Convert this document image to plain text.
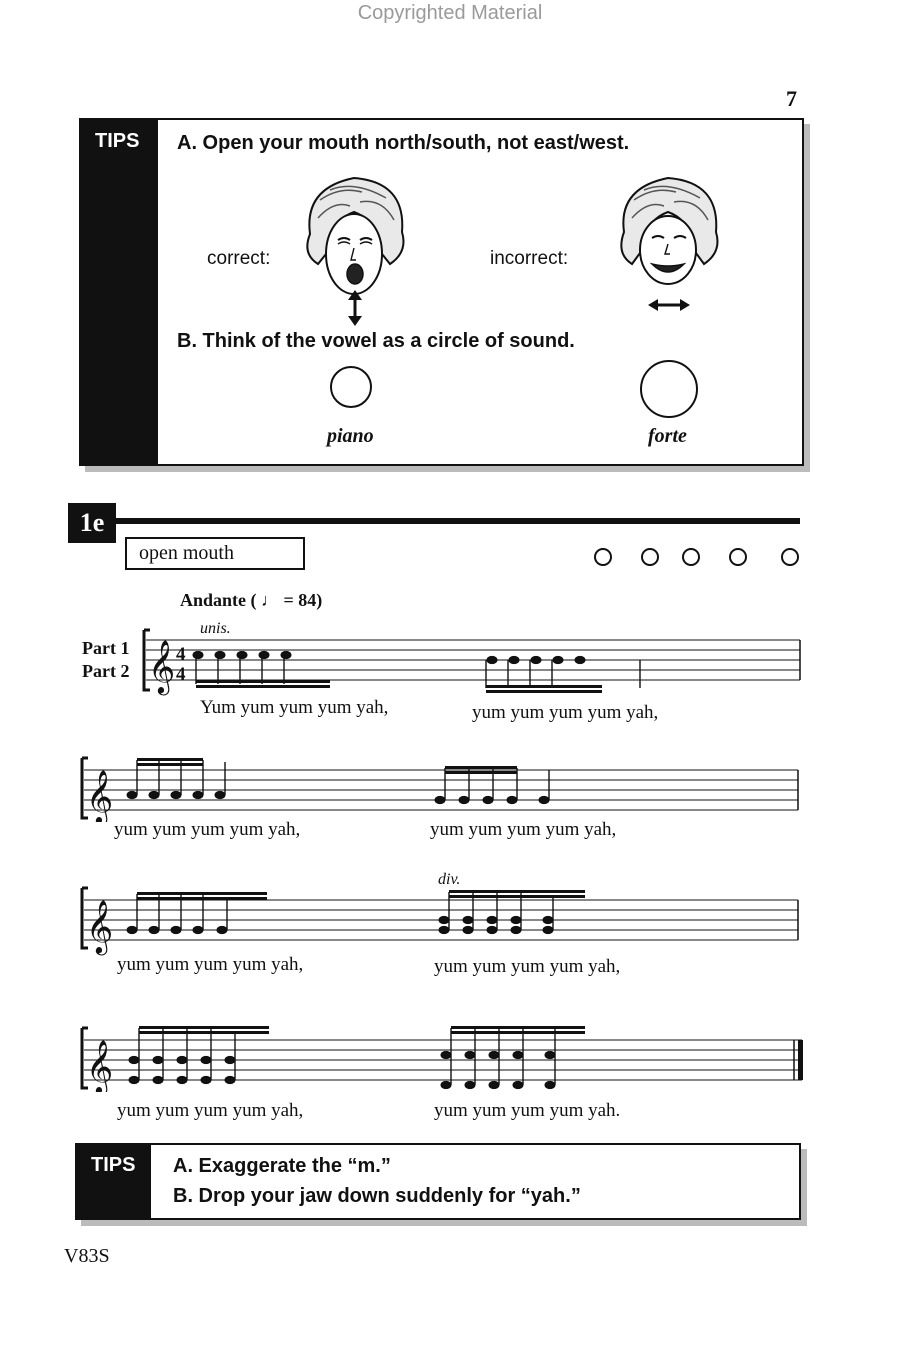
Copyrighted Material
7
TIPS A. Open your mouth north/south, not east/west.
correct:	incorrect:
B. Think of the vowel as a circle of sound.
piano	forte
1e
open mouth
Andante ( ♩ = 84)
Part 1
Part 2
unis.
div.
𝄞 4
4
Yum yum yum yum yah,	yum yum yum yum yah,
𝄞
yum yum yum yum yah,	yum yum yum yum yah,
𝄞
yum yum yum yum yah,	yum yum yum yum yah,
𝄞
yum yum yum yum yah,	yum yum yum yum yah.
TIPS A. Exaggerate the “m.”
B. Drop your jaw down suddenly for “yah.”
V83S
